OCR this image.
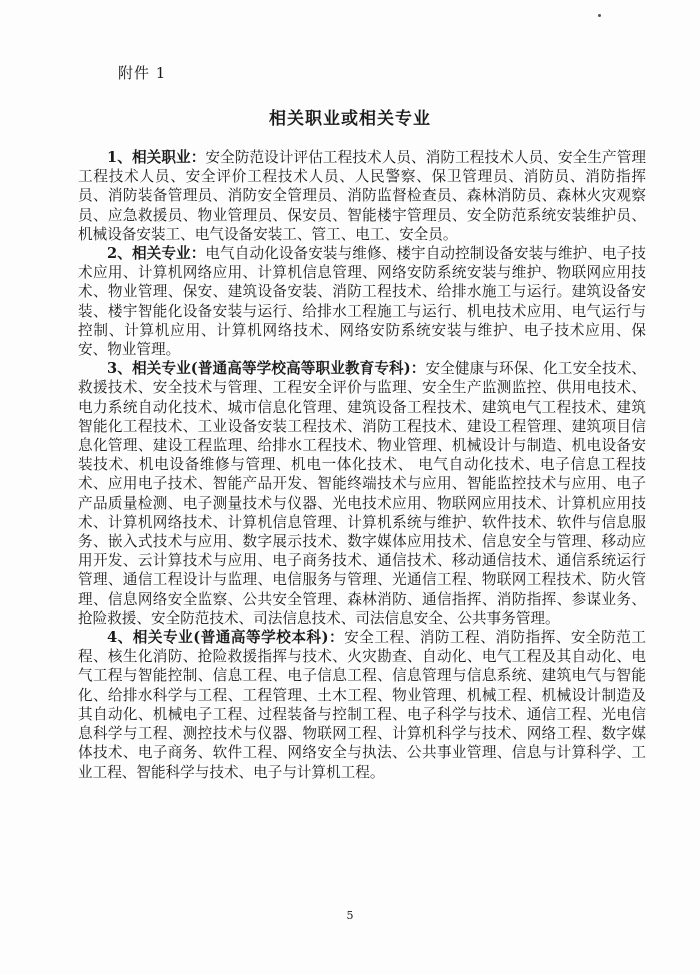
附件 1
相关职业或相关专业

1、相关职业：安全防范设计评估工程技术人员、消防工程技术人员、安全生产管理工程技术人员、安全评价工程技术人员、人民警察、保卫管理员、消防员、消防指挥员、消防装备管理员、消防安全管理员、消防监督检查员、森林消防员、森林火灾观察员、应急救援员、物业管理员、保安员、智能楼宇管理员、安全防范系统安装维护员、机械设备安装工、电气设备安装工、管工、电工、安全员。

2、相关专业：电气自动化设备安装与维修、楼宇自动控制设备安装与维护、电子技术应用、计算机网络应用、计算机信息管理、网络安防系统安装与维护、物联网应用技术、物业管理、保安、建筑设备安装、消防工程技术、给排水施工与运行。建筑设备安装、楼宇智能化设备安装与运行、给排水工程施工与运行、机电技术应用、电气运行与控制、计算机应用、计算机网络技术、网络安防系统安装与维护、电子技术应用、保安、物业管理。

3、相关专业(普通高等学校高等职业教育专科)：安全健康与环保、化工安全技术、救援技术、安全技术与管理、工程安全评价与监理、安全生产监测监控、供用电技术、电力系统自动化技术、城市信息化管理、建筑设备工程技术、建筑电气工程技术、建筑智能化工程技术、工业设备安装工程技术、消防工程技术、建设工程管理、建筑项目信息化管理、建设工程监理、给排水工程技术、物业管理、机械设计与制造、机电设备安装技术、机电设备维修与管理、机电一体化技术、 电气自动化技术、电子信息工程技术、应用电子技术、智能产品开发、智能终端技术与应用、智能监控技术与应用、电子产品质量检测、电子测量技术与仪器、光电技术应用、物联网应用技术、计算机应用技术、计算机网络技术、计算机信息管理、计算机系统与维护、软件技术、软件与信息服务、嵌入式技术与应用、数字展示技术、数字媒体应用技术、信息安全与管理、移动应用开发、云计算技术与应用、电子商务技术、通信技术、移动通信技术、通信系统运行管理、通信工程设计与监理、电信服务与管理、光通信工程、物联网工程技术、防火管理、信息网络安全监察、公共安全管理、森林消防、通信指挥、消防指挥、参谋业务、抢险救援、安全防范技术、司法信息技术、司法信息安全、公共事务管理。

4、相关专业(普通高等学校本科)：安全工程、消防工程、消防指挥、安全防范工程、核生化消防、抢险救援指挥与技术、火灾勘查、自动化、电气工程及其自动化、电气工程与智能控制、信息工程、电子信息工程、信息管理与信息系统、建筑电气与智能化、给排水科学与工程、工程管理、土木工程、物业管理、机械工程、机械设计制造及其自动化、机械电子工程、过程装备与控制工程、电子科学与技术、通信工程、光电信息科学与工程、测控技术与仪器、物联网工程、计算机科学与技术、网络工程、数字媒体技术、电子商务、软件工程、网络安全与执法、公共事业管理、信息与计算科学、工业工程、智能科学与技术、电子与计算机工程。

5
